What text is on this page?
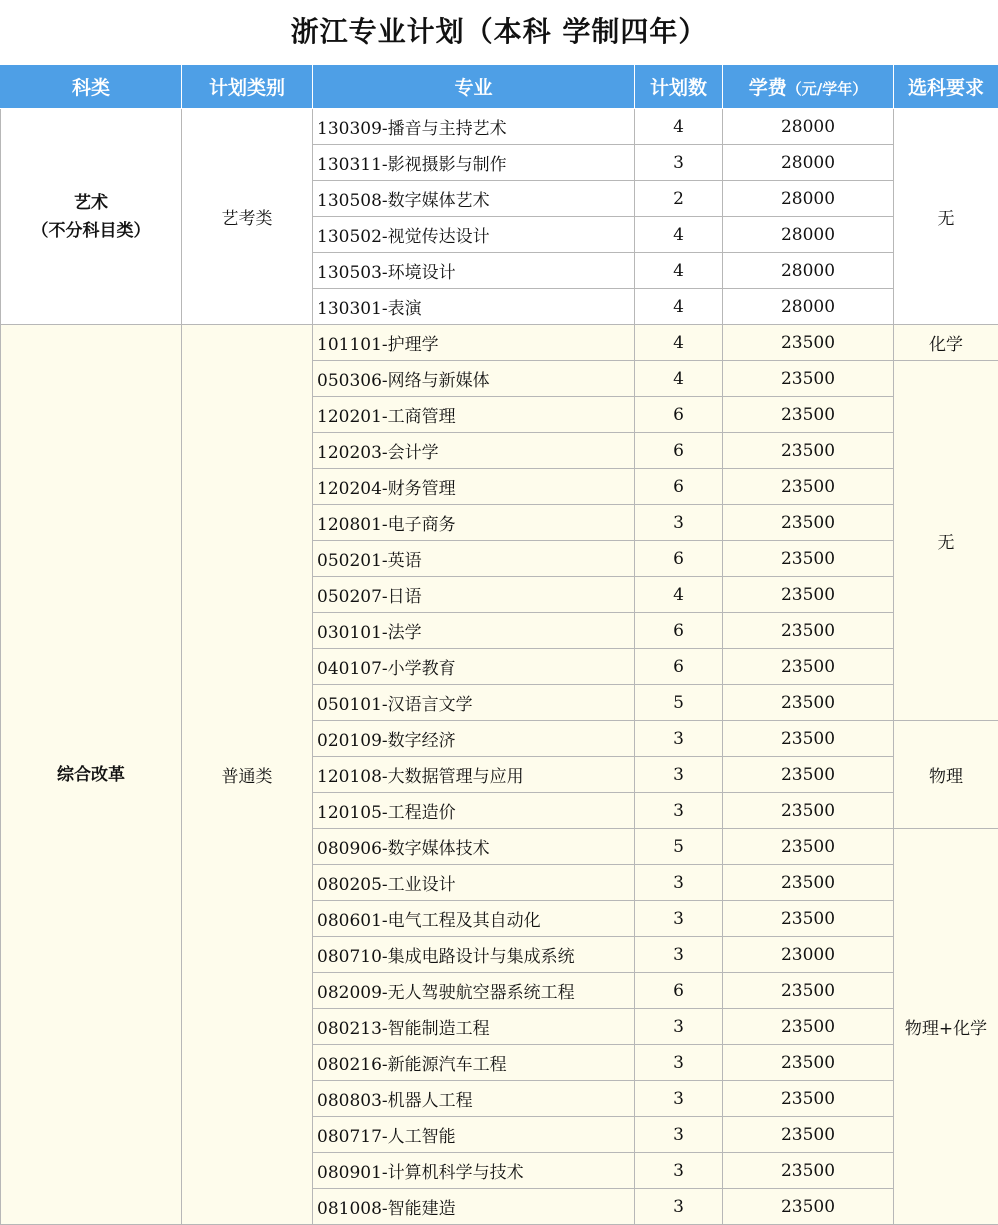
浙江专业计划（本科 学制四年）
科类	计划类别	专业	计划数	学费（元/学年）	选科要求

艺术
（不分科目类）	艺考类	130309-播音与主持艺术	4	28000	无
		130311-影视摄影与制作	3	28000	
		130508-数字媒体艺术	2	28000	
		130502-视觉传达设计	4	28000	
		130503-环境设计	4	28000	
		130301-表演	4	28000	
综合改革	普通类	101101-护理学	4	23500	化学
		050306-网络与新媒体	4	23500	无
		120201-工商管理	6	23500	
		120203-会计学	6	23500	
		120204-财务管理	6	23500	
		120801-电子商务	3	23500	
		050201-英语	6	23500	
		050207-日语	4	23500	
		030101-法学	6	23500	
		040107-小学教育	6	23500	
		050101-汉语言文学	5	23500	
		020109-数字经济	3	23500	物理
		120108-大数据管理与应用	3	23500	
		120105-工程造价	3	23500	
		080906-数字媒体技术	5	23500	物理+化学
		080205-工业设计	3	23500	
		080601-电气工程及其自动化	3	23500	
		080710-集成电路设计与集成系统	3	23000	
		082009-无人驾驶航空器系统工程	6	23500	
		080213-智能制造工程	3	23500	
		080216-新能源汽车工程	3	23500	
		080803-机器人工程	3	23500	
		080717-人工智能	3	23500	
		080901-计算机科学与技术	3	23500	
		081008-智能建造	3	23500	
